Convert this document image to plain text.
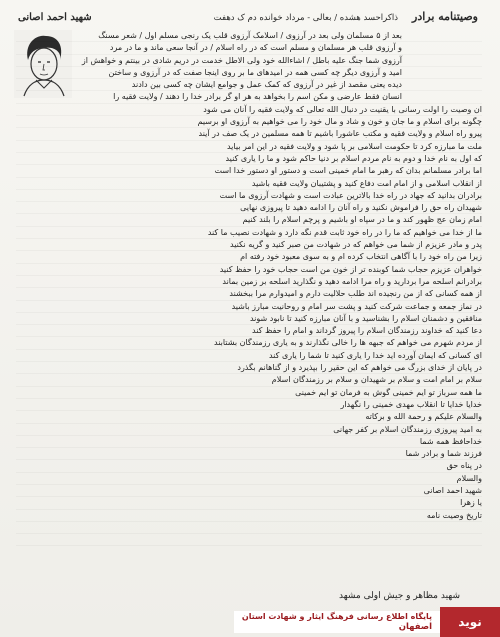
وصیتنامه برادر
ذاکراحسد هشده / بعالی - مرداد خوانده دم ک دهفت
شهید احمد اصانی
بعد از ۵ مسلمان ولی بعد در آرزوی / اسلامک آرزوی قلب یک رنجی مسلم اول / شعر مسنگ
و آرزوی قلب هر مسلمان و مسلم است که در راه اسلام / در آنجا سعی ماند و ما در مرد
آرزوی شما جنگ علیه باطل / اشاءالله خود ولی الاطل خدمت در دریم شادی در بینتم و خواهش از
امید و آرزوی دیگر چه کسی همه در امیدهای ما بر روی اینجا صفت که در آرزوی و ساختن
دیده یعنی مقصد از غیر در آرزوی که کمک عمل و جوامع ایشان چه کسی بین دادند
انسان فقط عارضی و مکن اسم را بخواهد به هر او گر برادر خدا را دهند / ولایت فقیه را
ان وصیت را اولت رسانی با یقنیت در دنبال الله تعالی که ولایت فقیه را آنان می شود
چگونه برای اسلام و ما جان و خون و شاد و مال خود را می خواهیم به آرزوی او برسیم
پیرو راه اسلام و ولایت فقیه و مکتب عاشورا باشیم تا همه مسلمین در یک صف در آیند
ملت ما مبارزه کرد تا حکومت اسلامی بر پا شود و ولایت فقیه در این امر بیاید
که اول به نام خدا و دوم به نام مردم اسلام بر دنیا حاکم شود و ما را یاری کنید
اما برادر مسلمانم بدان که رهبر ما امام خمینی است و دستور او دستور خدا است
از انقلاب اسلامی و از امام امت دفاع کنید و پشتیبان ولایت فقیه باشید
برادران بدانید که جهاد در راه خدا بالاترین عبادت است و شهادت آرزوی ما است
شهیدان راه حق را فراموش نکنید و راه آنان را ادامه دهید تا پیروزی نهایی
امام زمان عج ظهور کند و ما در سپاه او باشیم و پرچم اسلام را بلند کنیم
ما از خدا می خواهیم که ما را در راه خود ثابت قدم نگه دارد و شهادت نصیب ما کند
پدر و مادر عزیزم از شما می خواهم که در شهادت من صبر کنید و گریه نکنید
زیرا من راه خود را با آگاهی انتخاب کرده ام و به سوی معبود خود رفته ام
خواهران عزیزم حجاب شما کوبنده تر از خون من است حجاب خود را حفظ کنید
برادرانم اسلحه مرا بردارید و راه مرا ادامه دهید و نگذارید اسلحه بر زمین بماند
از همه کسانی که از من رنجیده اند طلب حلالیت دارم و امیدوارم مرا ببخشند
در نماز جمعه و جماعت شرکت کنید و پشت سر امام و روحانیت مبارز باشید
منافقین و دشمنان اسلام را بشناسید و با آنان مبارزه کنید تا نابود شوند
دعا کنید که خداوند رزمندگان اسلام را پیروز گرداند و امام را حفظ کند
از مردم شهرم می خواهم که جبهه ها را خالی نگذارند و به یاری رزمندگان بشتابند
ای کسانی که ایمان آورده اید خدا را یاری کنید تا شما را یاری کند
در پایان از خدای بزرگ می خواهم که این حقیر را بپذیرد و از گناهانم بگذرد
سلام بر امام امت و سلام بر شهیدان و سلام بر رزمندگان اسلام
ما همه سرباز تو ایم خمینی گوش به فرمان تو ایم خمینی
خدایا خدایا تا انقلاب مهدی خمینی را نگهدار
والسلام علیکم و رحمة الله و برکاته
به امید پیروزی رزمندگان اسلام بر کفر جهانی
خداحافظ همه شما
فرزند شما و برادر شما
در پناه حق
والسلام
شهید احمد اصانی
یا زهرا
تاریخ وصیت نامه
شهید مظاهر و جیش اولی مشهد
نوید
پایگاه اطلاع رسانی فرهنگ ایثار و شهادت استان
اصفهان
